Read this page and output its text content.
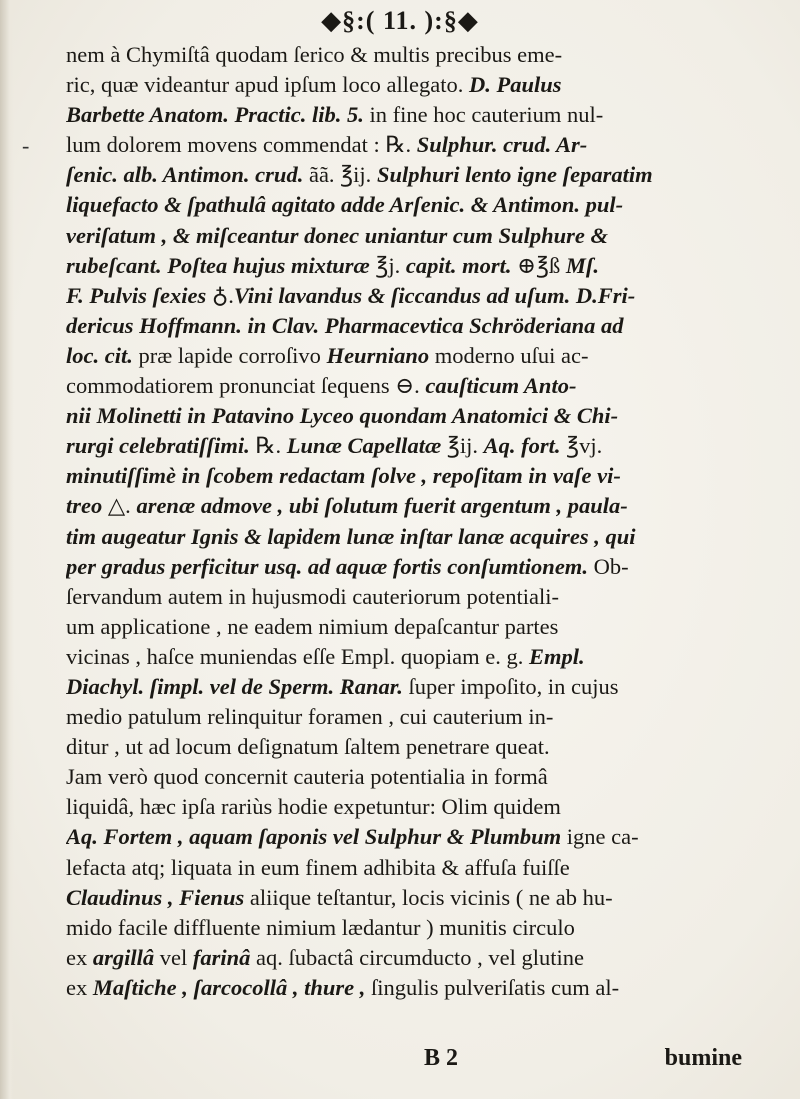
◆§:( 11. ):§◆
-
nem à Chymiſtâ quodam ſerico & multis precibus eme-
ric, quæ videantur apud ipſum loco allegato. D. Paulus
Barbette Anatom. Practic. lib. 5. in fine hoc cauterium nul-
lum dolorem movens commendat : ℞. Sulphur. crud. Ar-
ſenic. alb. Antimon. crud. ãã. ℥ij. Sulphuri lento igne ſeparatim
liquefacto & ſpathulâ agitato adde Arſenic. & Antimon. pul-
veriſatum , & miſceantur donec uniantur cum Sulphure &
rubeſcant. Poſtea hujus mixturæ ℥j. capit. mort. ⊕℥ß Mſ.
F. Pulvis ſexies ♁.Vini lavandus & ſiccandus ad uſum. D.Fri-
dericus Hoffmann. in Clav. Pharmacevtica Schröderiana ad
loc. cit. præ lapide corroſivo Heurniano moderno uſui ac-
commodatiorem pronunciat ſequens ⊖. cauſticum Anto-
nii Molinetti in Patavino Lyceo quondam Anatomici & Chi-
rurgi celebratiſſimi. ℞. Lunæ Capellatæ ℥ij. Aq. fort. ℥vj.
minutiſſimè in ſcobem redactam ſolve , repoſitam in vaſe vi-
treo △. arenæ admove , ubi ſolutum fuerit argentum , paula-
tim augeatur Ignis & lapidem lunæ inſtar lanæ acquires , qui
per gradus perficitur usq. ad aquæ fortis conſumtionem. Ob-
ſervandum autem in hujusmodi cauteriorum potentiali-
um applicatione , ne eadem nimium depaſcantur partes
vicinas , haſce muniendas eſſe Empl. quopiam e. g. Empl.
Diachyl. ſimpl. vel de Sperm. Ranar. ſuper impoſito, in cujus
medio patulum relinquitur foramen , cui cauterium in-
ditur , ut ad locum deſignatum ſaltem penetrare queat.
Jam verò quod concernit cauteria potentialia in formâ
liquidâ, hæc ipſa rariùs hodie expetuntur: Olim quidem
Aq. Fortem , aquam ſaponis vel Sulphur & Plumbum igne ca-
lefacta atq; liquata in eum finem adhibita & affuſa fuiſſe
Claudinus , Fienus aliique teſtantur, locis vicinis ( ne ab hu-
mido facile diffluente nimium lædantur ) munitis circulo
ex argillâ vel farinâ aq. ſubactâ circumducto , vel glutine
ex Maſtiche , ſarcocollâ , thure , ſingulis pulveriſatis cum al-
B 2	bumine
